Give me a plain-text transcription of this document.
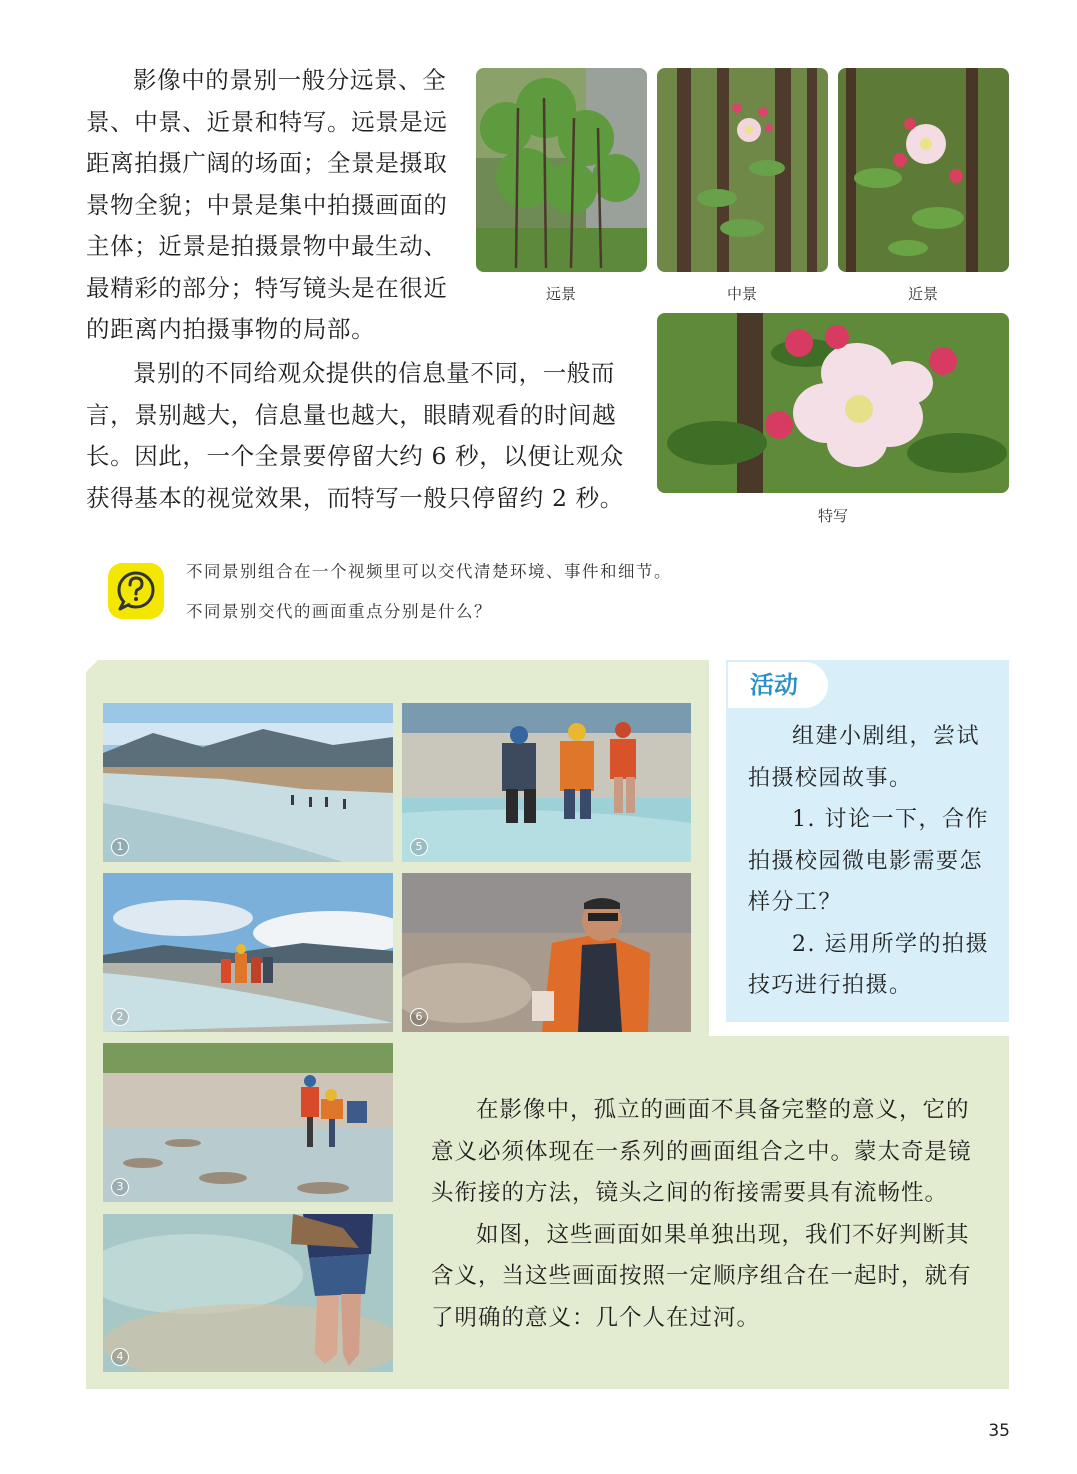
影像中的景别一般分远景、全景、中景、近景和特写。远景是远距离拍摄广阔的场面；全景是摄取景物全貌；中景是集中拍摄画面的主体；近景是拍摄景物中最生动、最精彩的部分；特写镜头是在很近的距离内拍摄事物的局部。

景别的不同给观众提供的信息量不同，一般而言，景别越大，信息量也越大，眼睛观看的时间越长。因此，一个全景要停留大约 6 秒，以便让观众获得基本的视觉效果，而特写一般只停留约 2 秒。

远景	中景	近景
特写
不同景别组合在一个视频里可以交代清楚环境、事件和细节。
不同景别交代的画面重点分别是什么？
1	5
2	6
3
4
活动

组建小剧组，尝试拍摄校园故事。

1. 讨论一下，合作拍摄校园微电影需要怎样分工？

2. 运用所学的拍摄技巧进行拍摄。

在影像中，孤立的画面不具备完整的意义，它的意义必须体现在一系列的画面组合之中。蒙太奇是镜头衔接的方法，镜头之间的衔接需要具有流畅性。

如图，这些画面如果单独出现，我们不好判断其含义，当这些画面按照一定顺序组合在一起时，就有了明确的意义：几个人在过河。

35
